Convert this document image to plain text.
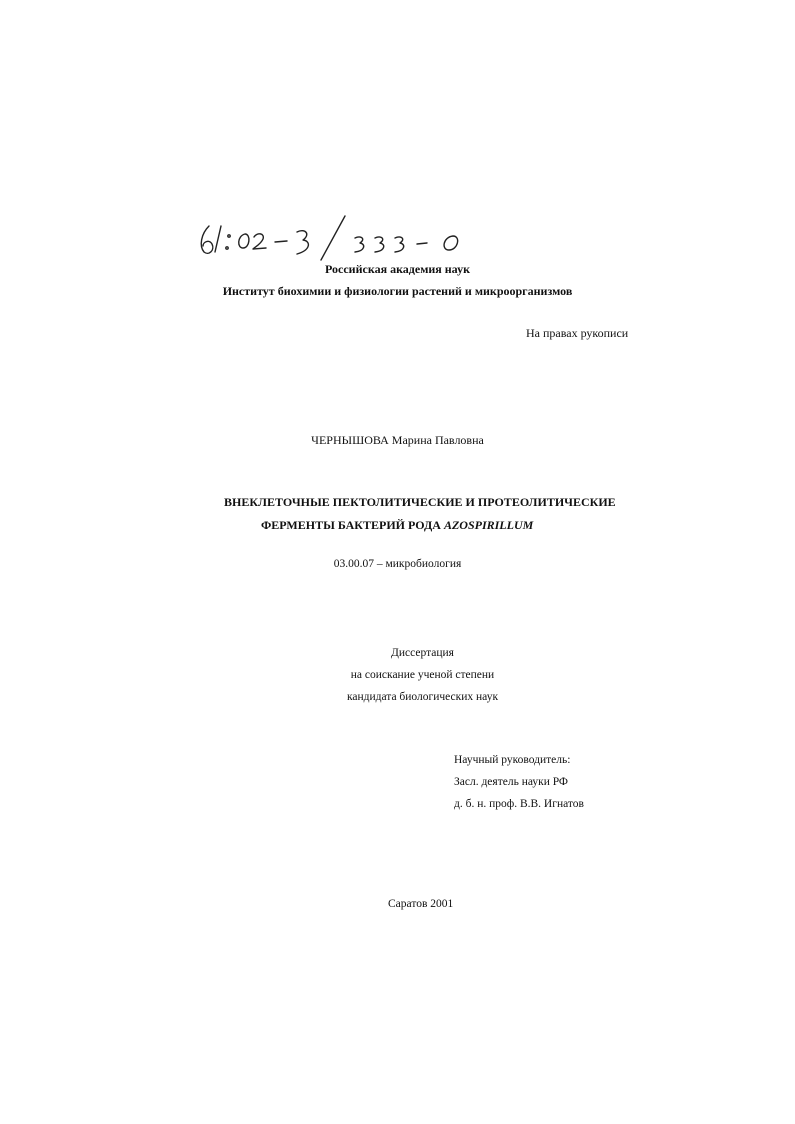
61:02-3/333-0
Российская академия наук
Институт биохимии и физиологии растений и микроорганизмов
На правах рукописи
ЧЕРНЫШОВА Марина Павловна
ВНЕКЛЕТОЧНЫЕ ПЕКТОЛИТИЧЕСКИЕ И ПРОТЕОЛИТИЧЕСКИЕ
ФЕРМЕНТЫ БАКТЕРИЙ РОДА AZOSPIRILLUM
03.00.07 – микробиология
Диссертация
на соискание ученой степени
кандидата биологических наук
Научный руководитель:
Засл. деятель науки РФ
д. б. н. проф. В.В. Игнатов
Саратов 2001
